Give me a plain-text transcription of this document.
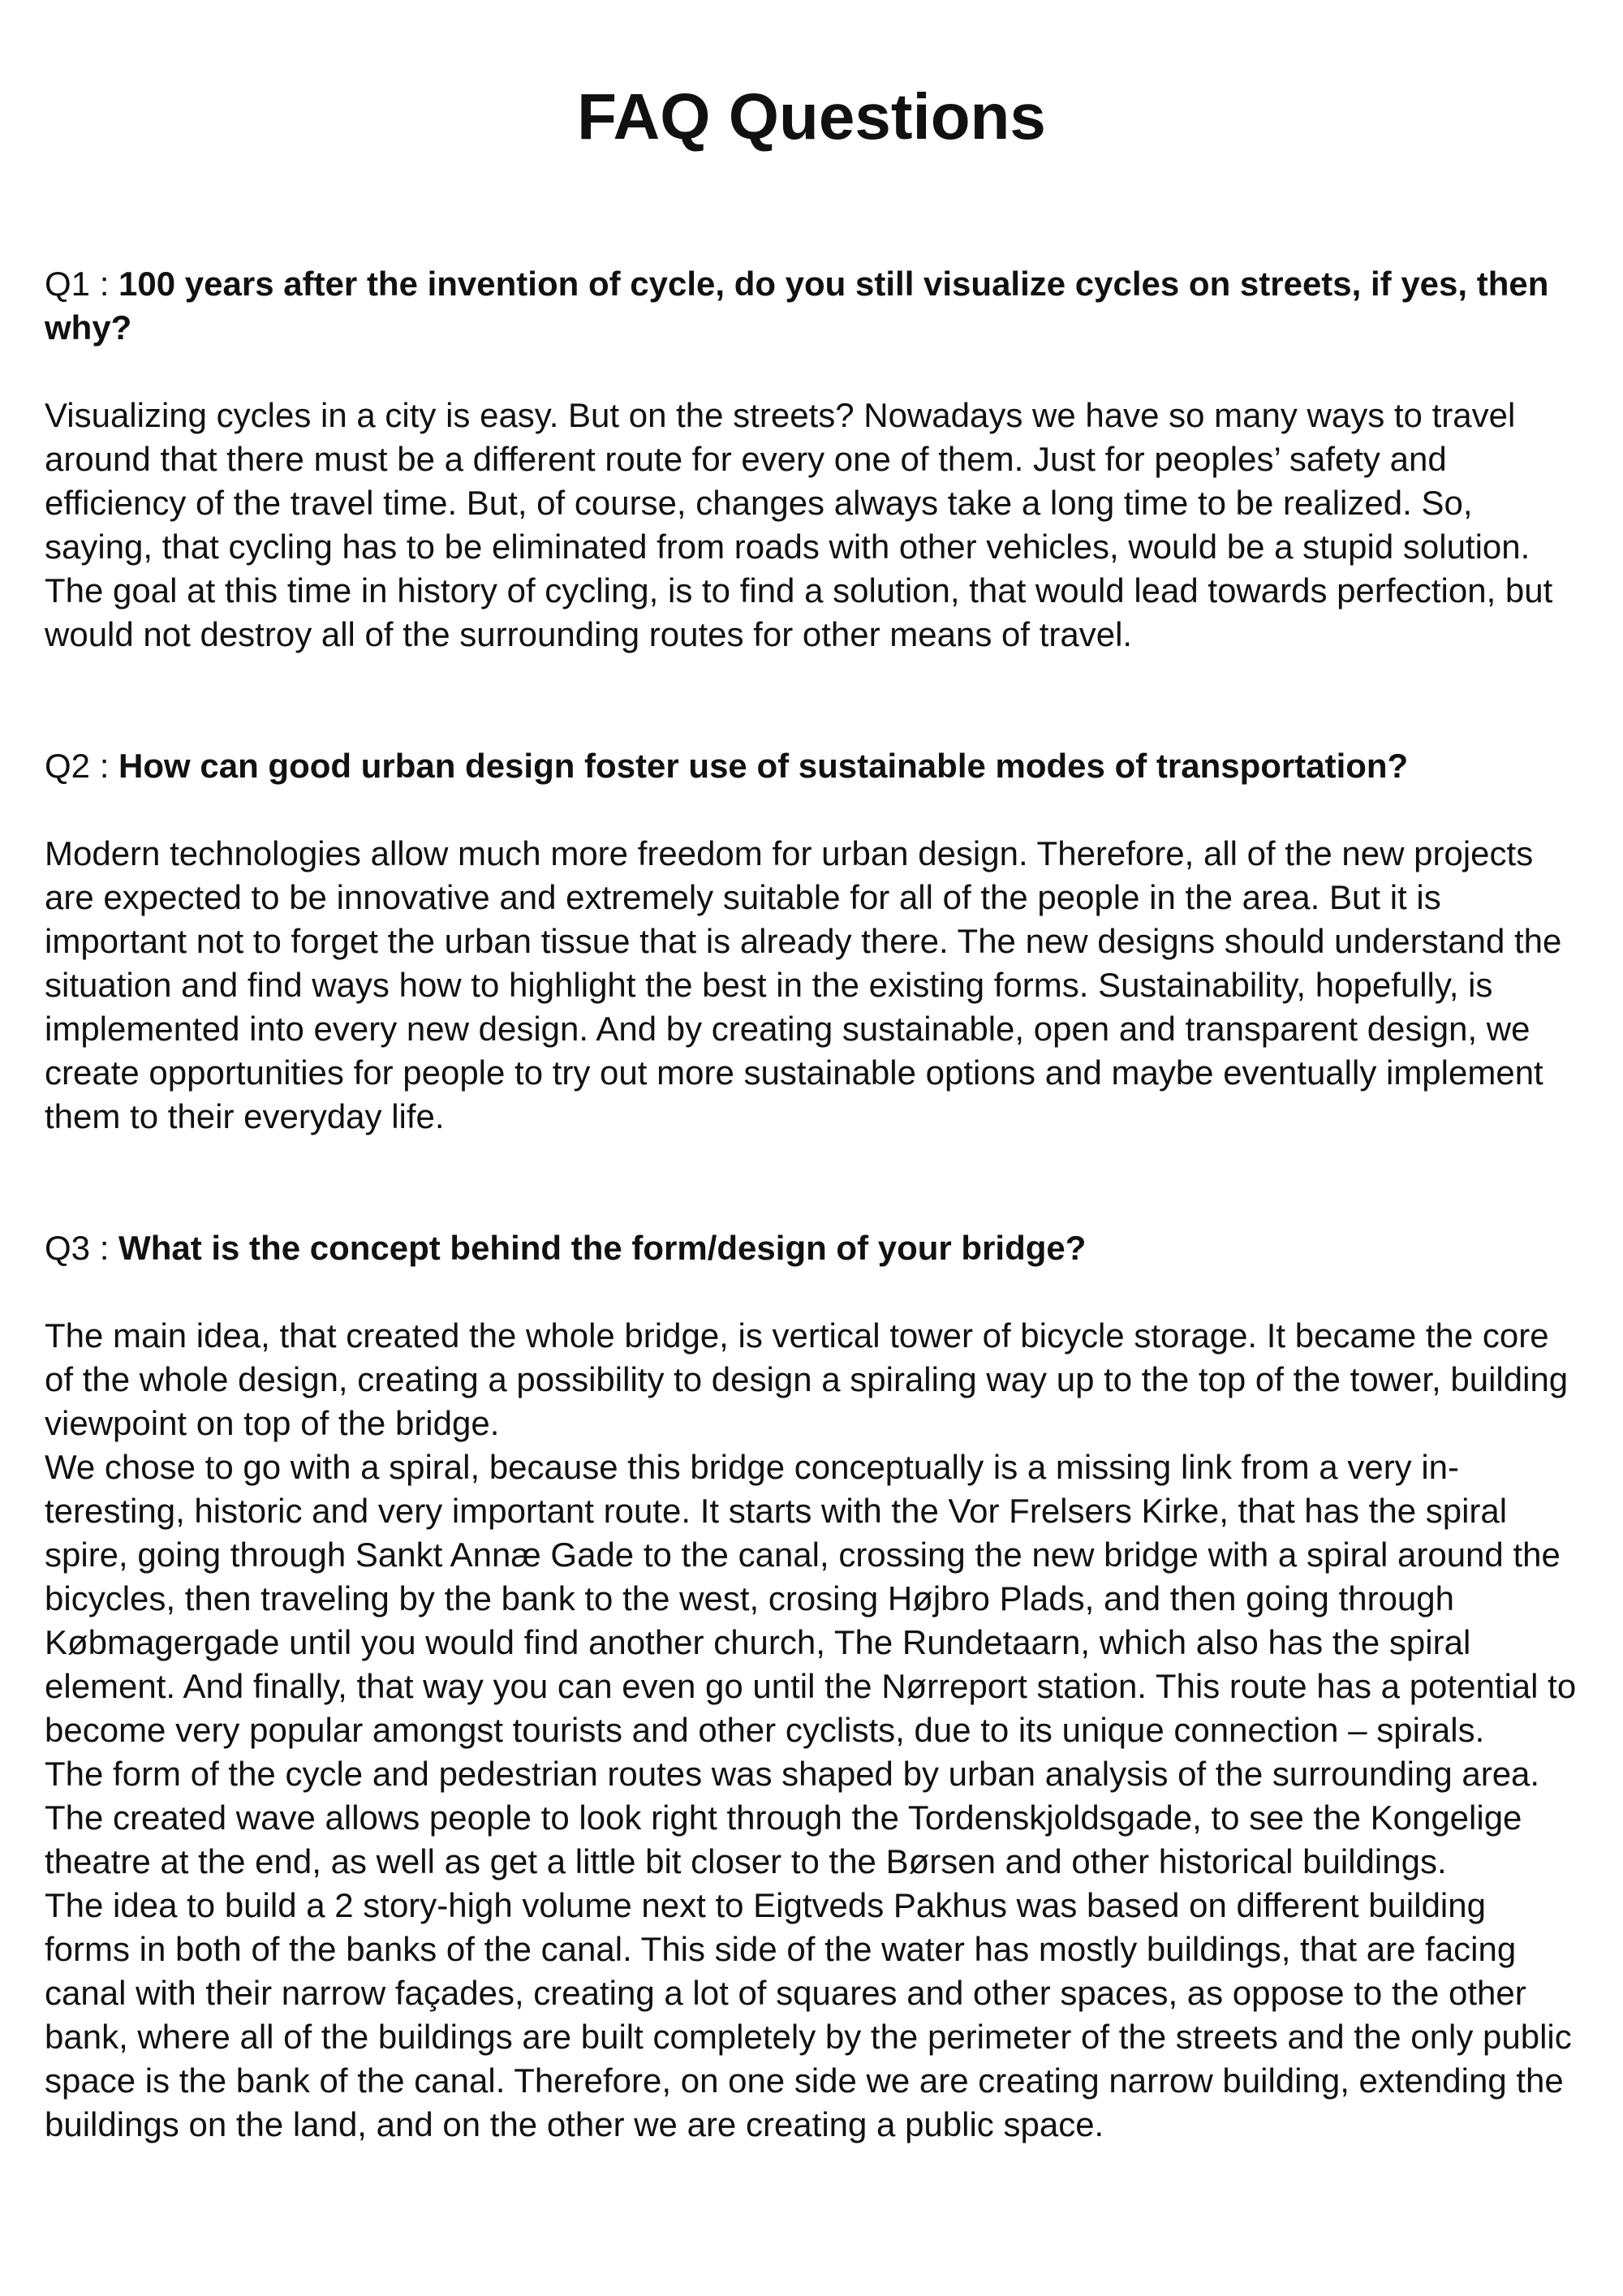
FAQ Questions
Q1 : 100 years after the invention of cycle, do you still visualize cycles on streets, if yes, then why?

Visualizing cycles in a city is easy. But on the streets? Nowadays we have so many ways to travel around that there must be a different route for every one of them. Just for peoples’ safety and efficiency of the travel time. But, of course, changes always take a long time to be realized. So, saying, that cycling has to be eliminated from roads with other vehicles, would be a stupid solution. The goal at this time in history of cycling, is to find a solution, that would lead towards perfection, but would not destroy all of the surrounding routes for other means of travel.

Q2 : How can good urban design foster use of sustainable modes of transportation?

Modern technologies allow much more freedom for urban design. Therefore, all of the new projects are expected to be innovative and extremely suitable for all of the people in the area. But it is important not to forget the urban tissue that is already there. The new designs should understand the situation and find ways how to highlight the best in the existing forms. Sustainability, hopefully, is implemented into every new design. And by creating sustainable, open and transparent design, we create opportunities for people to try out more sustainable options and maybe eventually implement them to their everyday life.

Q3 : What is the concept behind the form/design of your bridge?

The main idea, that created the whole bridge, is vertical tower of bicycle storage. It became the core of the whole design, creating a possibility to design a spiraling way up to the top of the tower, building viewpoint on top of the bridge.

We chose to go with a spiral, because this bridge conceptually is a missing link from a very interesting, historic and very important route. It starts with the Vor Frelsers Kirke, that has the spiral spire, going through Sankt Annæ Gade to the canal, crossing the new bridge with a spiral around the bicycles, then traveling by the bank to the west, crosing Højbro Plads, and then going through Købmagergade until you would find another church, The Rundetaarn, which also has the spiral element. And finally, that way you can even go until the Nørreport station. This route has a potential to become very popular amongst tourists and other cyclists, due to its unique connection – spirals.

The form of the cycle and pedestrian routes was shaped by urban analysis of the surrounding area. The created wave allows people to look right through the Tordenskjoldsgade, to see the Kongelige theatre at the end, as well as get a little bit closer to the Børsen and other historical buildings.

The idea to build a 2 story-high volume next to Eigtveds Pakhus was based on different building forms in both of the banks of the canal. This side of the water has mostly buildings, that are facing canal with their narrow façades, creating a lot of squares and other spaces, as oppose to the other bank, where all of the buildings are built completely by the perimeter of the streets and the only public space is the bank of the canal. Therefore, on one side we are creating narrow building, extending the buildings on the land, and on the other we are creating a public space.
